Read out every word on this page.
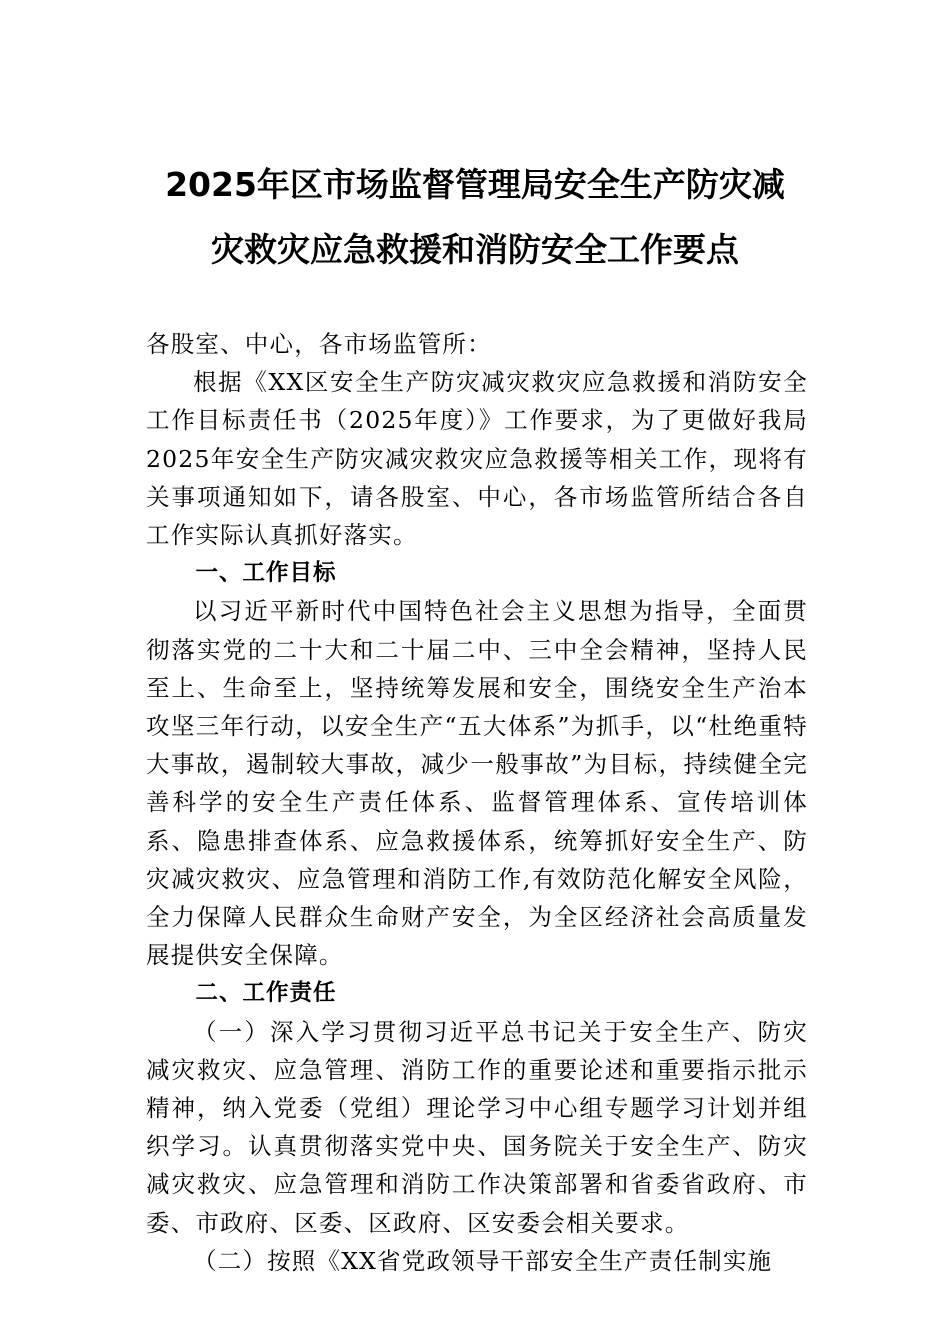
2025年区市场监督管理局安全生产防灾减
灾救灾应急救援和消防安全工作要点

各股室、中心，各市场监管所：

根据《XX区安全生产防灾减灾救灾应急救援和消防安全工作目标责任书（2025年度）》工作要求，为了更做好我局2025年安全生产防灾减灾救灾应急救援等相关工作，现将有关事项通知如下，请各股室、中心，各市场监管所结合各自工作实际认真抓好落实。

一、工作目标

以习近平新时代中国特色社会主义思想为指导，全面贯彻落实党的二十大和二十届二中、三中全会精神，坚持人民至上、生命至上，坚持统筹发展和安全，围绕安全生产治本攻坚三年行动，以安全生产“五大体系”为抓手，以“杜绝重特大事故，遏制较大事故，减少一般事故”为目标，持续健全完善科学的安全生产责任体系、监督管理体系、宣传培训体系、隐患排查体系、应急救援体系，统筹抓好安全生产、防灾减灾救灾、应急管理和消防工作,有效防范化解安全风险，全力保障人民群众生命财产安全，为全区经济社会高质量发展提供安全保障。

二、工作责任

（一）深入学习贯彻习近平总书记关于安全生产、防灾减灾救灾、应急管理、消防工作的重要论述和重要指示批示精神，纳入党委（党组）理论学习中心组专题学习计划并组织学习。认真贯彻落实党中央、国务院关于安全生产、防灾减灾救灾、应急管理和消防工作决策部署和省委省政府、市委、市政府、区委、区政府、区安委会相关要求。

（二）按照《XX省党政领导干部安全生产责任制实施
